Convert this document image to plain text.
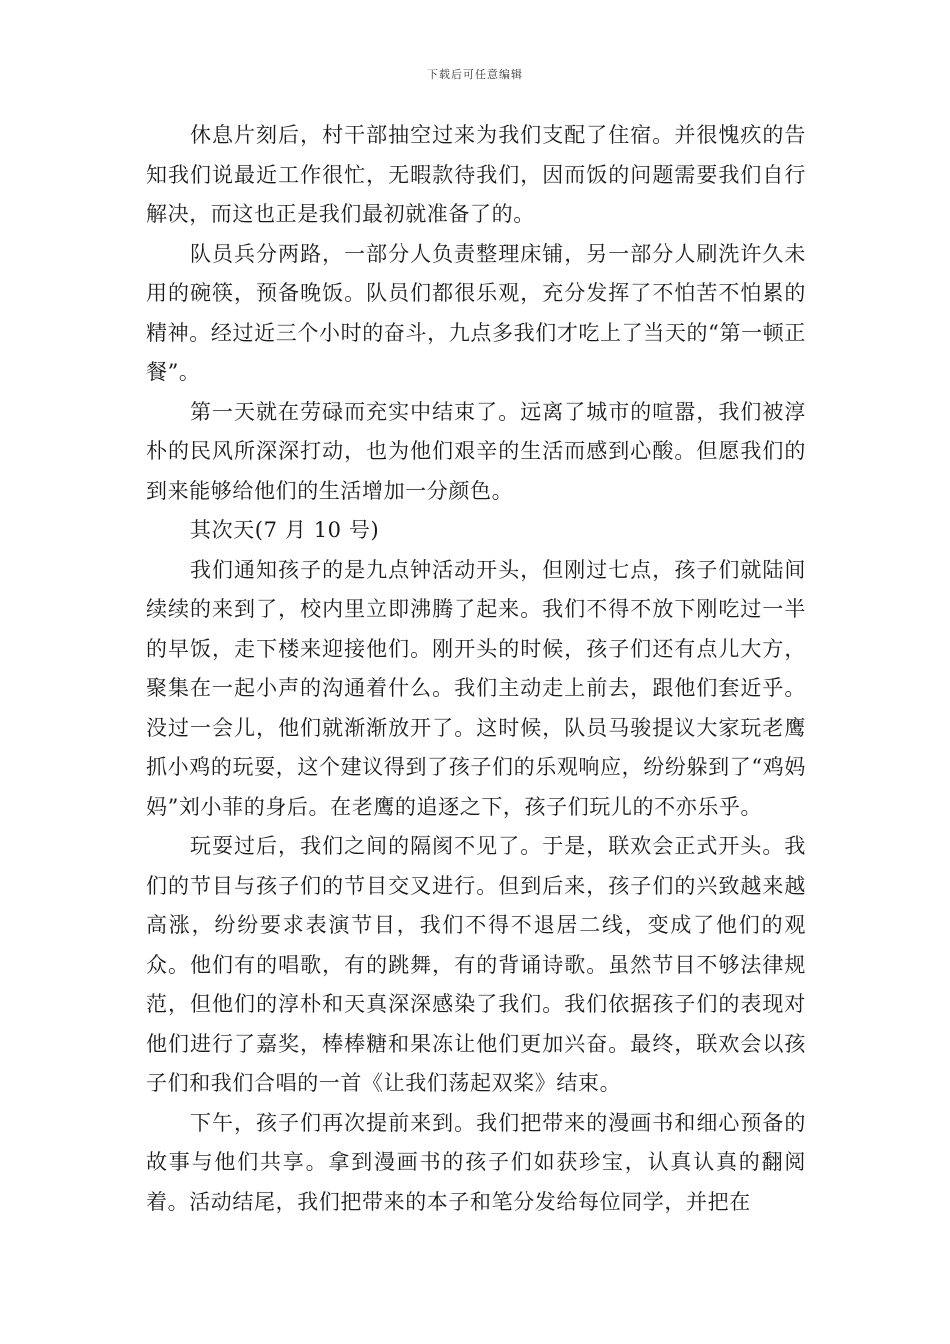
下载后可任意编辑

休息片刻后，村干部抽空过来为我们支配了住宿。并很愧疚的告知我们说最近工作很忙，无暇款待我们，因而饭的问题需要我们自行解决，而这也正是我们最初就准备了的。

队员兵分两路，一部分人负责整理床铺，另一部分人刷洗许久未用的碗筷，预备晚饭。队员们都很乐观，充分发挥了不怕苦不怕累的精神。经过近三个小时的奋斗，九点多我们才吃上了当天的“第一顿正餐”。

第一天就在劳碌而充实中结束了。远离了城市的喧嚣，我们被淳朴的民风所深深打动，也为他们艰辛的生活而感到心酸。但愿我们的到来能够给他们的生活增加一分颜色。

其次天(7 月 10 号)

我们通知孩子的是九点钟活动开头，但刚过七点，孩子们就陆间续续的来到了，校内里立即沸腾了起来。我们不得不放下刚吃过一半的早饭，走下楼来迎接他们。刚开头的时候，孩子们还有点儿大方，聚集在一起小声的沟通着什么。我们主动走上前去，跟他们套近乎。没过一会儿，他们就渐渐放开了。这时候，队员马骏提议大家玩老鹰抓小鸡的玩耍，这个建议得到了孩子们的乐观响应，纷纷躲到了“鸡妈妈”刘小菲的身后。在老鹰的追逐之下，孩子们玩儿的不亦乐乎。

玩耍过后，我们之间的隔阂不见了。于是，联欢会正式开头。我们的节目与孩子们的节目交叉进行。但到后来，孩子们的兴致越来越高涨，纷纷要求表演节目，我们不得不退居二线，变成了他们的观众。他们有的唱歌，有的跳舞，有的背诵诗歌。虽然节目不够法律规范，但他们的淳朴和天真深深感染了我们。我们依据孩子们的表现对他们进行了嘉奖，棒棒糖和果冻让他们更加兴奋。最终，联欢会以孩子们和我们合唱的一首《让我们荡起双桨》结束。

下午，孩子们再次提前来到。我们把带来的漫画书和细心预备的故事与他们共享。拿到漫画书的孩子们如获珍宝，认真认真的翻阅着。活动结尾，我们把带来的本子和笔分发给每位同学，并把在
